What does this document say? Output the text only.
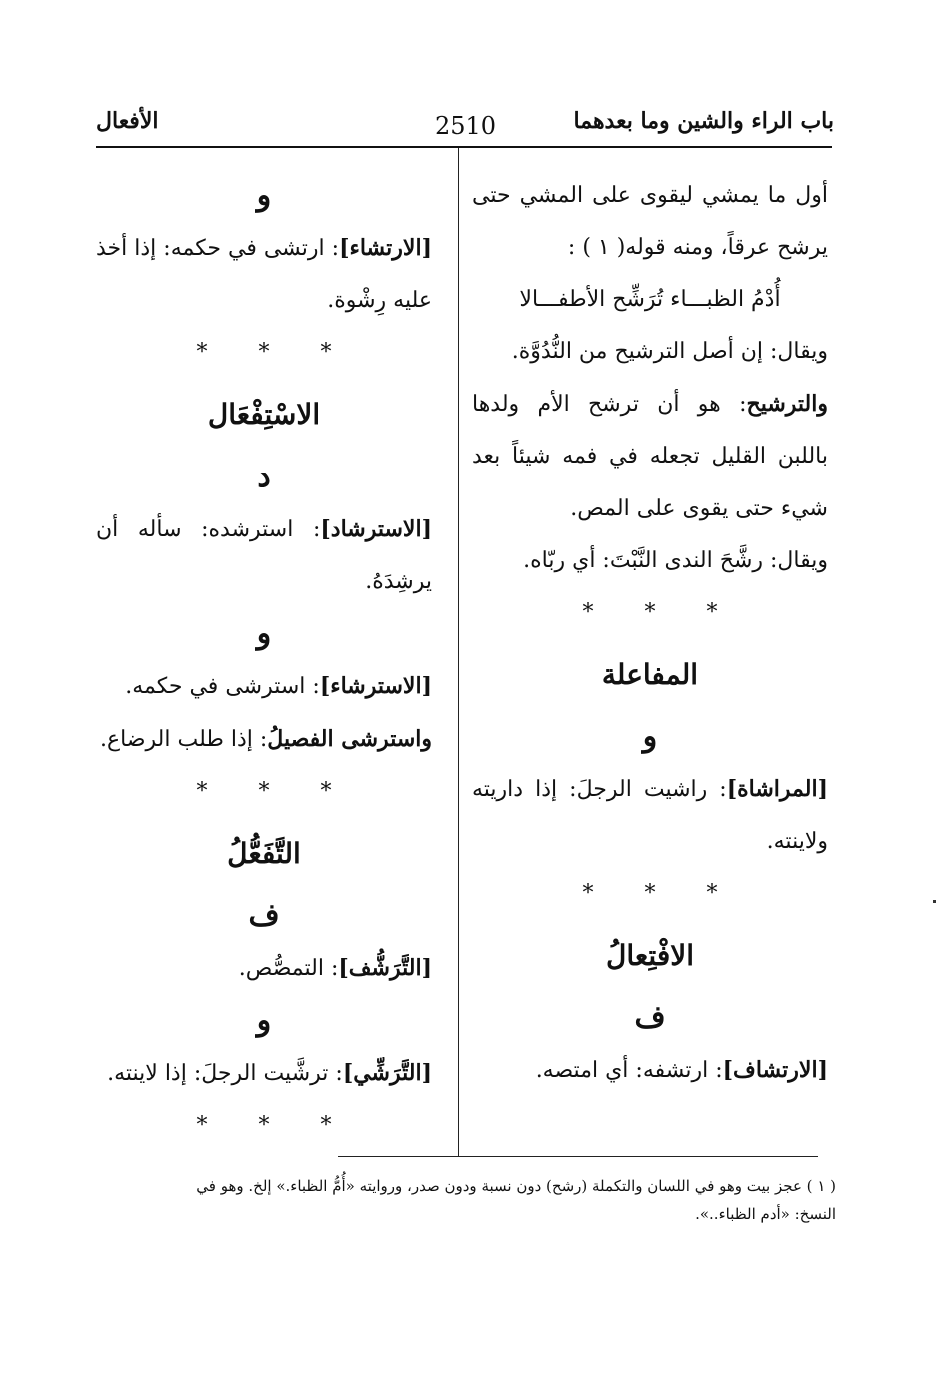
باب الراء والشين وما بعدهما
2510
الأفعال

أول ما يمشي ليقوى على المشي حتى يرشح عرقاً، ومنه قوله( ١ ) :

أُدْمُ الظبـــاء تُرَشِّح الأطفـــالا

ويقال: إن أصل الترشيح من النُّدُوَّة.

والترشيح: هو أن ترشح الأم ولدها باللبن القليل تجعله في فمه شيئاً بعد شيء حتى يقوى على المص.

ويقال: رشَّحَ الندى النَّبْتَ: أي ربّاه.

* * *
المفاعلة
و

[المراشاة]: راشيت الرجلَ: إذا داريته ولاينته.

* * *
الافْتِعالُ
ف

[الارتشاف]: ارتشفه: أي امتصه.

و

[الارتشاء]: ارتشى في حكمه: إذا أخذ عليه رِشْوة.

* * *
الاسْتِفْعَال
د

[الاسترشاد]: استرشده: سأله أن يرشِدَهُ.

و

[الاسترشاء]: استرشى في حكمه.

واسترشى الفصيلُ: إذا طلب الرضاع.

* * *
التَّفَعُّلُ
ف

[التَّرَشُّف]: التمصُّص.

و

[التَّرَشِّي]: ترشَّيت الرجلَ: إذا لاينته.

* * *
( ١ ) عجز بيت وهو في اللسان والتكملة (رشح) دون نسبة ودون صدر، وروايته «أُمُّ الظباء.» إلخ. وهو في
النسخ: «أدم الظباء..».
